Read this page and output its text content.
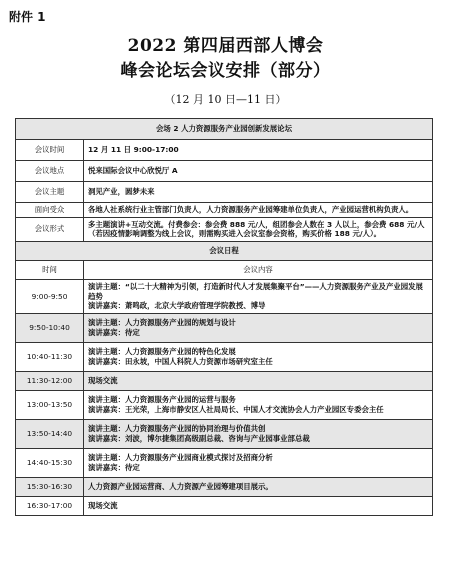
附件 1
2022 第四届西部人博会
峰会论坛会议安排（部分）
（12 月 10 日—11 日）
会场 2 人力资源服务产业园创新发展论坛	
会议时间	12 月 11 日 9:00-17:00
会议地点	悦来国际会议中心欣悦厅 A
会议主题	洞见产业，圆梦未来
面向受众	各地人社系统行业主管部门负责人，人力资源服务产业园筹建单位负责人，产业园运营机构负责人。
会议形式	多主题演讲+互动交流。付费参会：参会费 888 元/人，组团参会人数在 3 人以上，参会费 688 元/人（若因疫情影响调整为线上会议，则需购买进入会议室参会资格，购买价格 188 元/人）。
会议日程	
时间	会议内容
9:00-9:50	演讲主题：“以二十大精神为引领，打造新时代人才发展集聚平台”——人力资源服务产业及产业园发展趋势
演讲嘉宾：萧鸣政，北京大学政府管理学院教授、博导

9:50-10:40	演讲主题：人力资源服务产业园的规划与设计
演讲嘉宾：待定

10:40-11:30	演讲主题：人力资源服务产业园的特色化发展
演讲嘉宾：田永坡，中国人科院人力资源市场研究室主任

11:30-12:00	现场交流

13:00-13:50	演讲主题：人力资源服务产业园的运营与服务
演讲嘉宾：王光荣，上海市静安区人社局局长、中国人才交流协会人力产业园区专委会主任

13:50-14:40	演讲主题：人力资源服务产业园的协同治理与价值共创
演讲嘉宾：刘波，博尔捷集团高级副总裁、咨询与产业园事业部总裁

14:40-15:30	演讲主题：人力资源服务产业园商业模式探讨及招商分析
演讲嘉宾：待定

15:30-16:30	人力资源产业园运营商、人力资源产业园筹建项目展示。

16:30-17:00	现场交流
